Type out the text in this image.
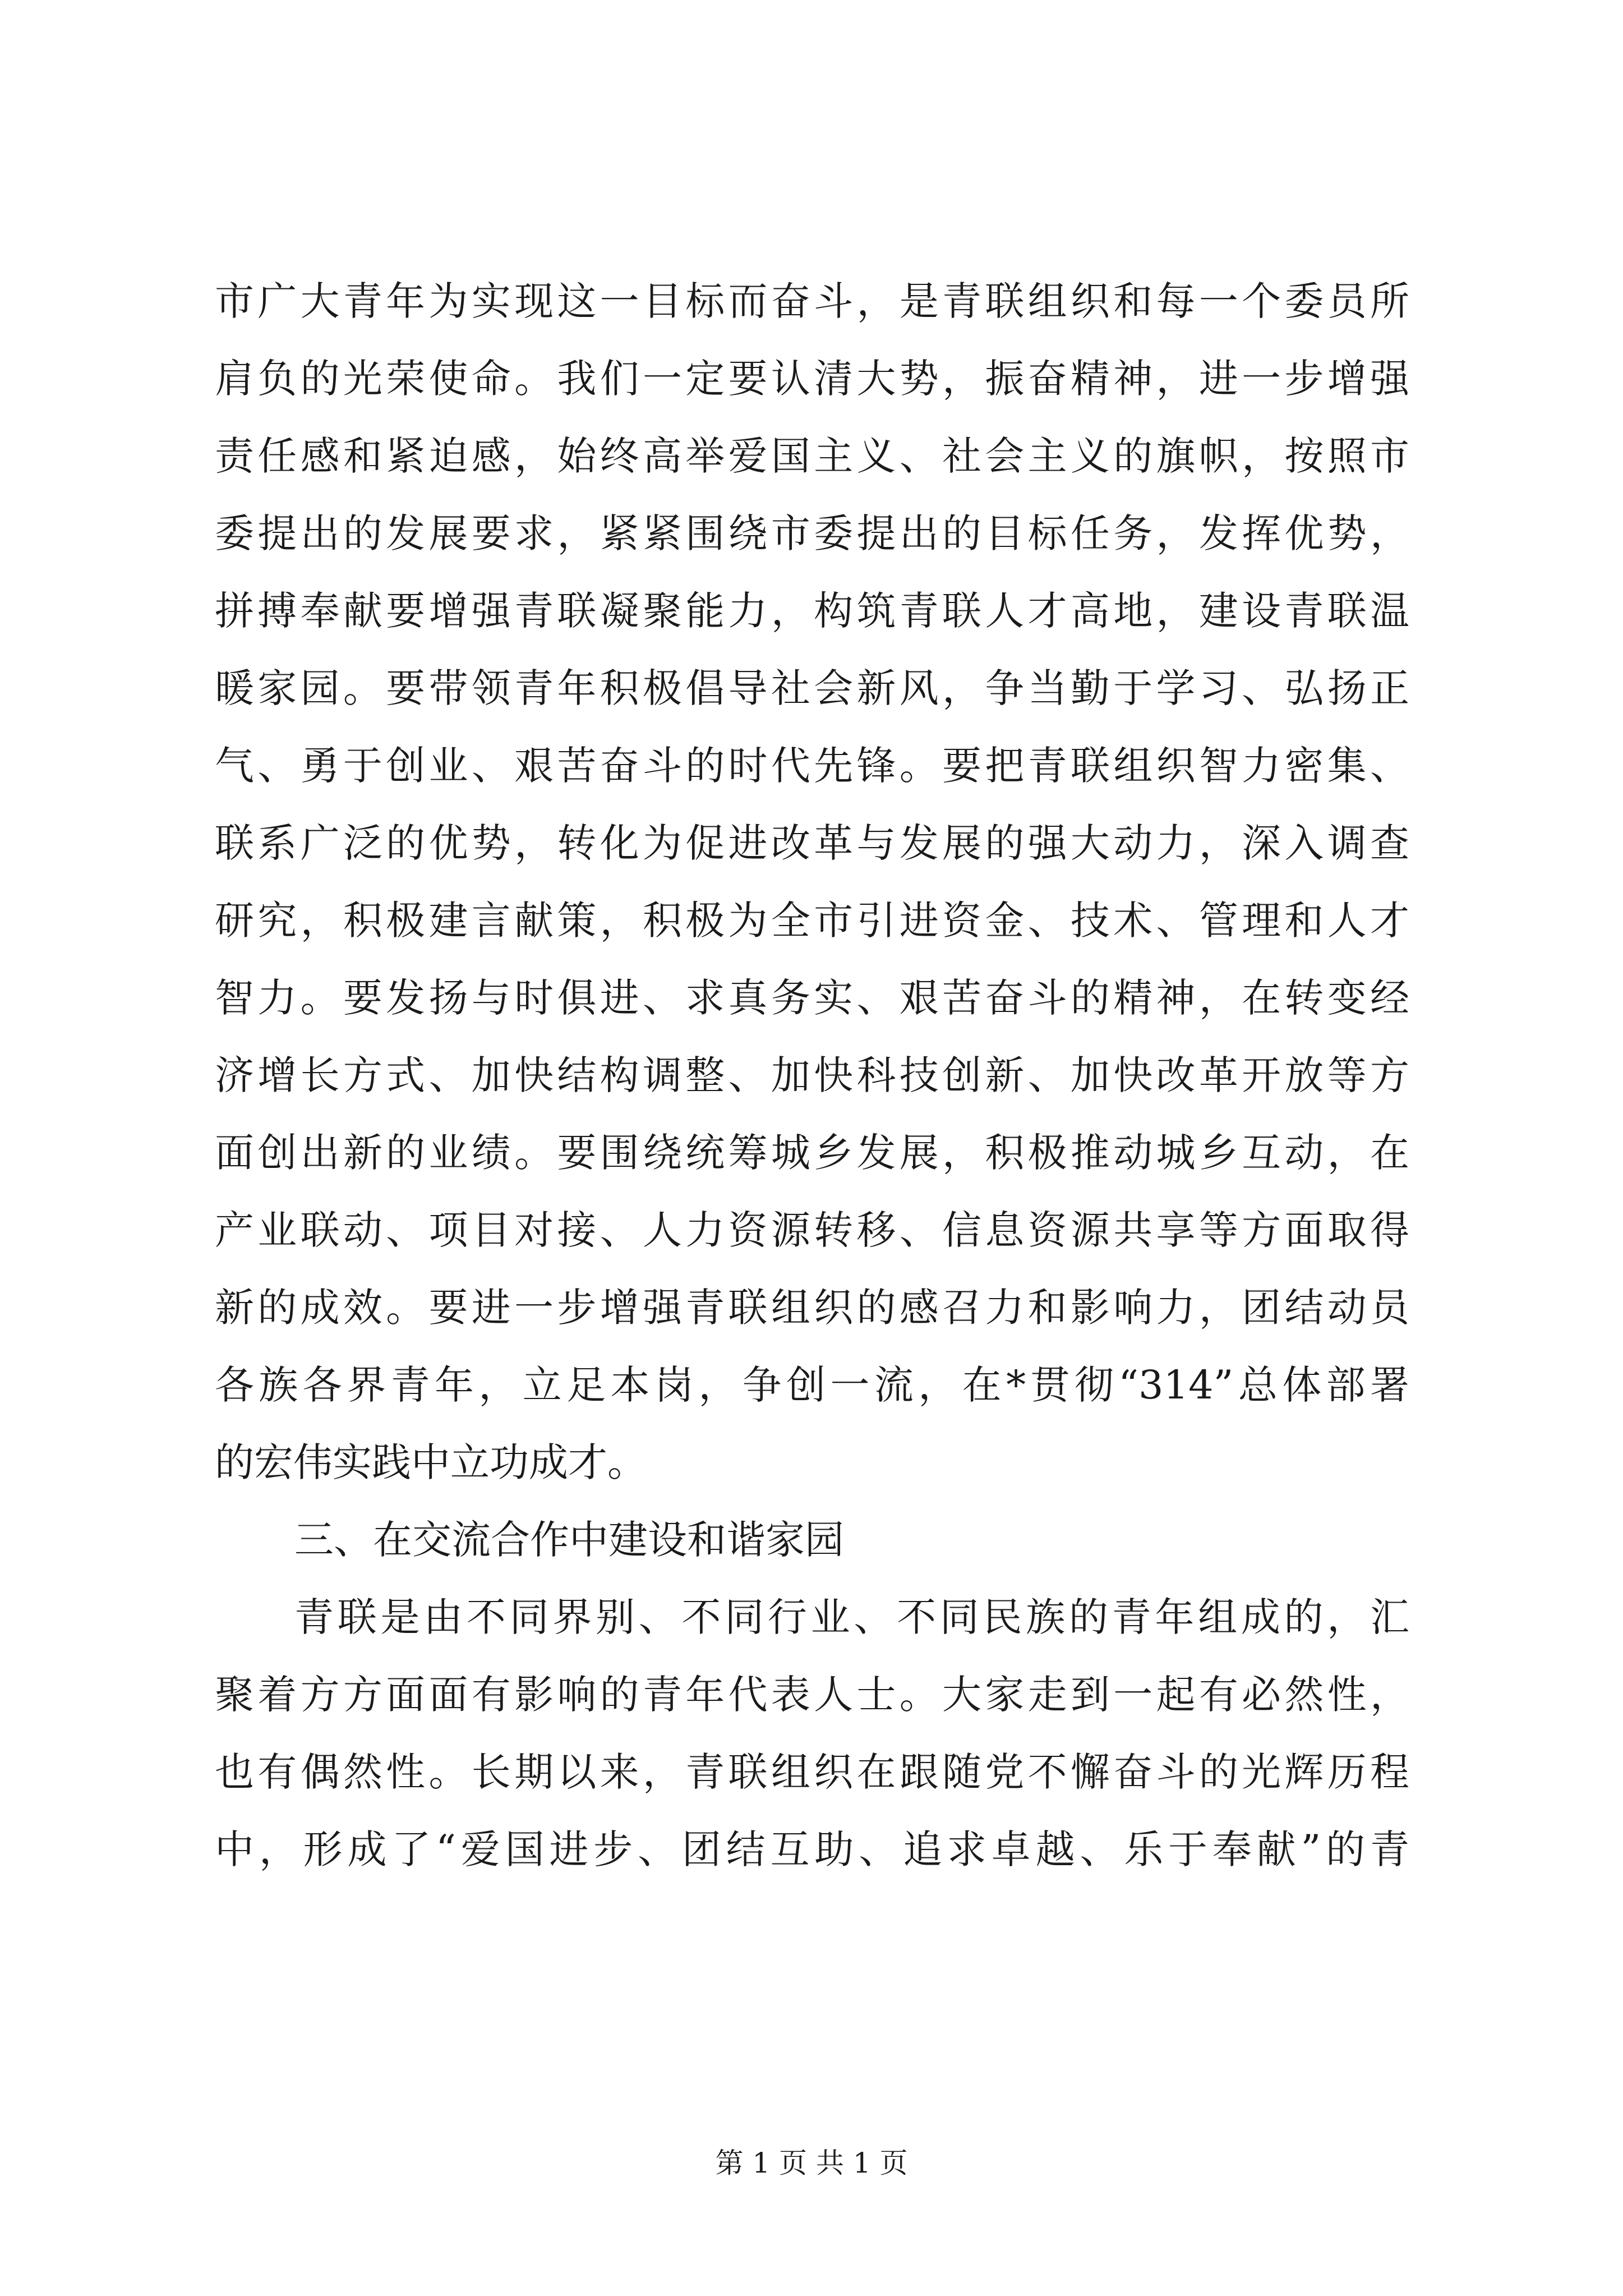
市广大青年为实现这一目标而奋斗，是青联组织和每一个委员所
肩负的光荣使命。我们一定要认清大势，振奋精神，进一步增强
责任感和紧迫感，始终高举爱国主义、社会主义的旗帜，按照市
委提出的发展要求，紧紧围绕市委提出的目标任务，发挥优势，
拼搏奉献要增强青联凝聚能力，构筑青联人才高地，建设青联温
暖家园。要带领青年积极倡导社会新风，争当勤于学习、弘扬正
气、勇于创业、艰苦奋斗的时代先锋。要把青联组织智力密集、
联系广泛的优势，转化为促进改革与发展的强大动力，深入调查
研究，积极建言献策，积极为全市引进资金、技术、管理和人才
智力。要发扬与时俱进、求真务实、艰苦奋斗的精神，在转变经
济增长方式、加快结构调整、加快科技创新、加快改革开放等方
面创出新的业绩。要围绕统筹城乡发展，积极推动城乡互动，在
产业联动、项目对接、人力资源转移、信息资源共享等方面取得
新的成效。要进一步增强青联组织的感召力和影响力，团结动员
各族各界青年，立足本岗，争创一流，在*贯彻“314”总体部署
的宏伟实践中立功成才。
三、在交流合作中建设和谐家园
青联是由不同界别、不同行业、不同民族的青年组成的，汇
聚着方方面面有影响的青年代表人士。大家走到一起有必然性，
也有偶然性。长期以来，青联组织在跟随党不懈奋斗的光辉历程
中，形成了“爱国进步、团结互助、追求卓越、乐于奉献”的青
第 1 页 共 1 页
